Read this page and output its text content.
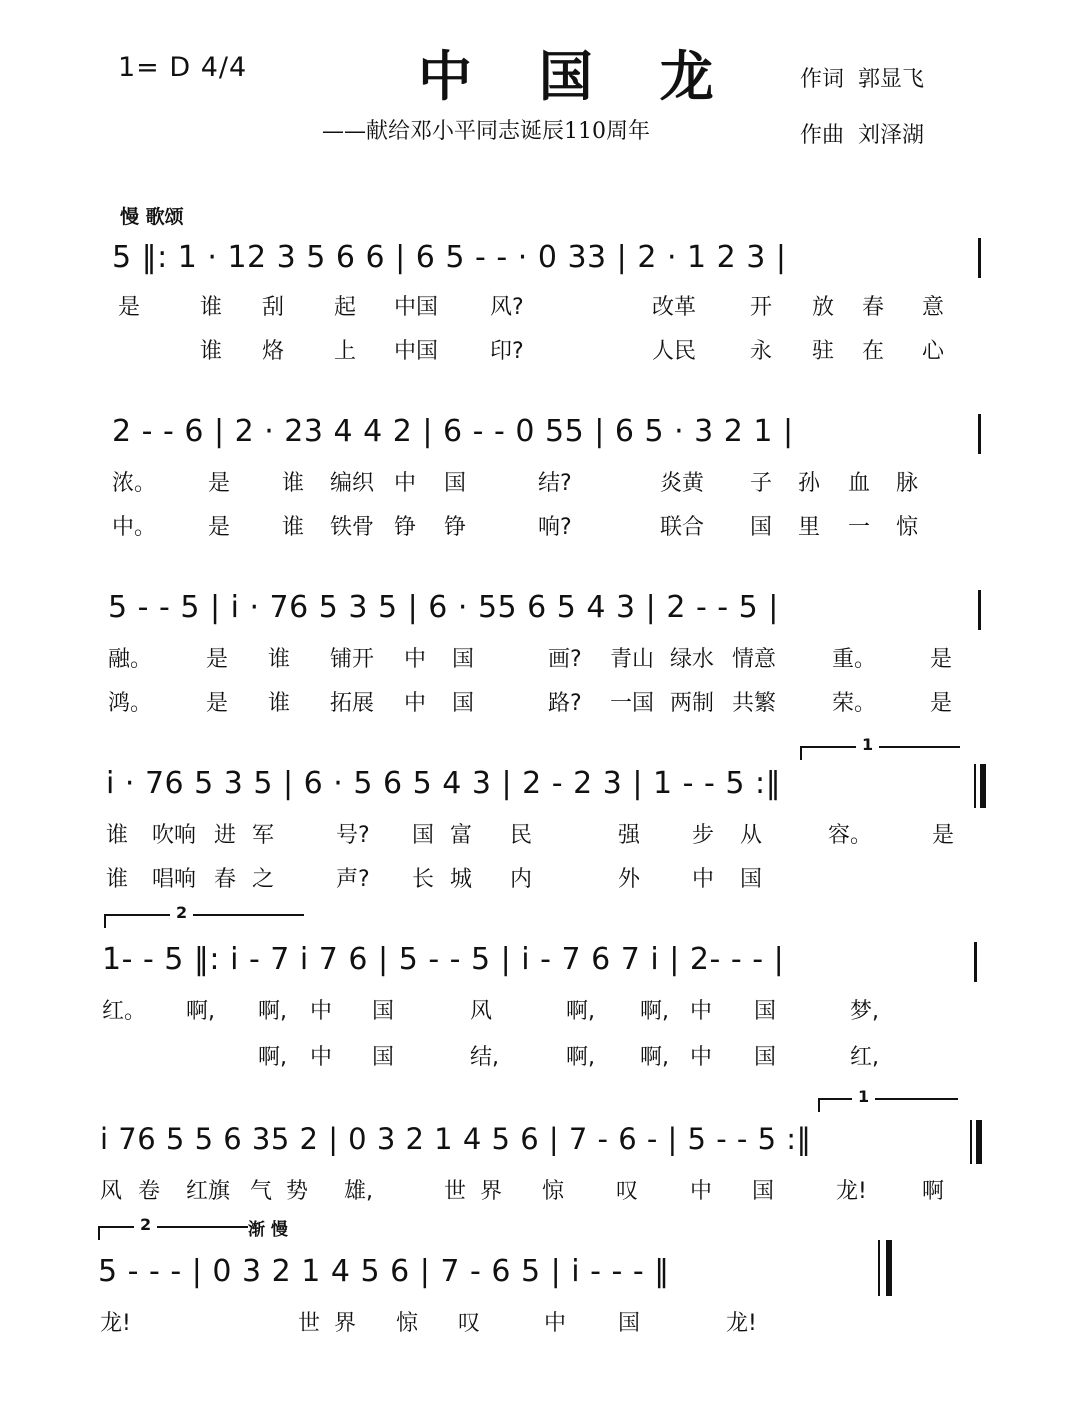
1= D 4/4	中 国 龙
——献给邓小平同志诞辰110周年
作词 郭显飞
作曲 刘泽湖
慢 歌颂
5 ‖: 1 · 12 3 5 6 6 | 6 5 - - · 0 33 | 2 · 1 2 3 |
是	谁 刮 起 中国 风?	改革 开 放 春 意
谁 烙 上 中国 印?	人民 永 驻 在 心
2 - - 6 | 2 · 23 4 4 2 | 6 - - 0 55 | 6 5 · 3 2 1 |
浓。 是 谁 编织 中 国	结?	炎黄 子 孙 血 脉
中。 是 谁 铁骨 铮 铮	响?	联合 国 里 一 惊
5 - - 5 | i · 76 5 3 5 | 6 · 55 6 5 4 3 | 2 - - 5 |
融。 是 谁 铺开 中 国	画? 青山 绿水 情意	重。 是
鸿。 是 谁 拓展 中 国	路? 一国 两制 共繁	荣。 是
1
i · 76 5 3 5 | 6 · 5 6 5 4 3 | 2 - 2 3 | 1 - - 5 :‖
谁 吹响 进 军	号? 国 富 民	强 步 从	容。	是
谁 唱响 春 之	声? 长 城 内	外 中 国
2
1- - 5 ‖: i - 7 i 7 6 | 5 - - 5 | i - 7 6 7 i | 2- - - |
红。 啊, 啊, 中 国	风	啊, 啊, 中 国	梦,
啊, 中 国	结,	啊, 啊, 中 国	红,
1
i 76 5 5 6 35 2 | 0 3 2 1 4 5 6 | 7 - 6 - | 5 - - 5 :‖
风 卷 红旗 气 势 雄,	世 界 惊 叹 中 国	龙!	啊
2	渐 慢
5 - - - | 0 3 2 1 4 5 6 | 7 - 6 5 | i - - - ‖
龙!	世 界 惊 叹	中 国	龙!
